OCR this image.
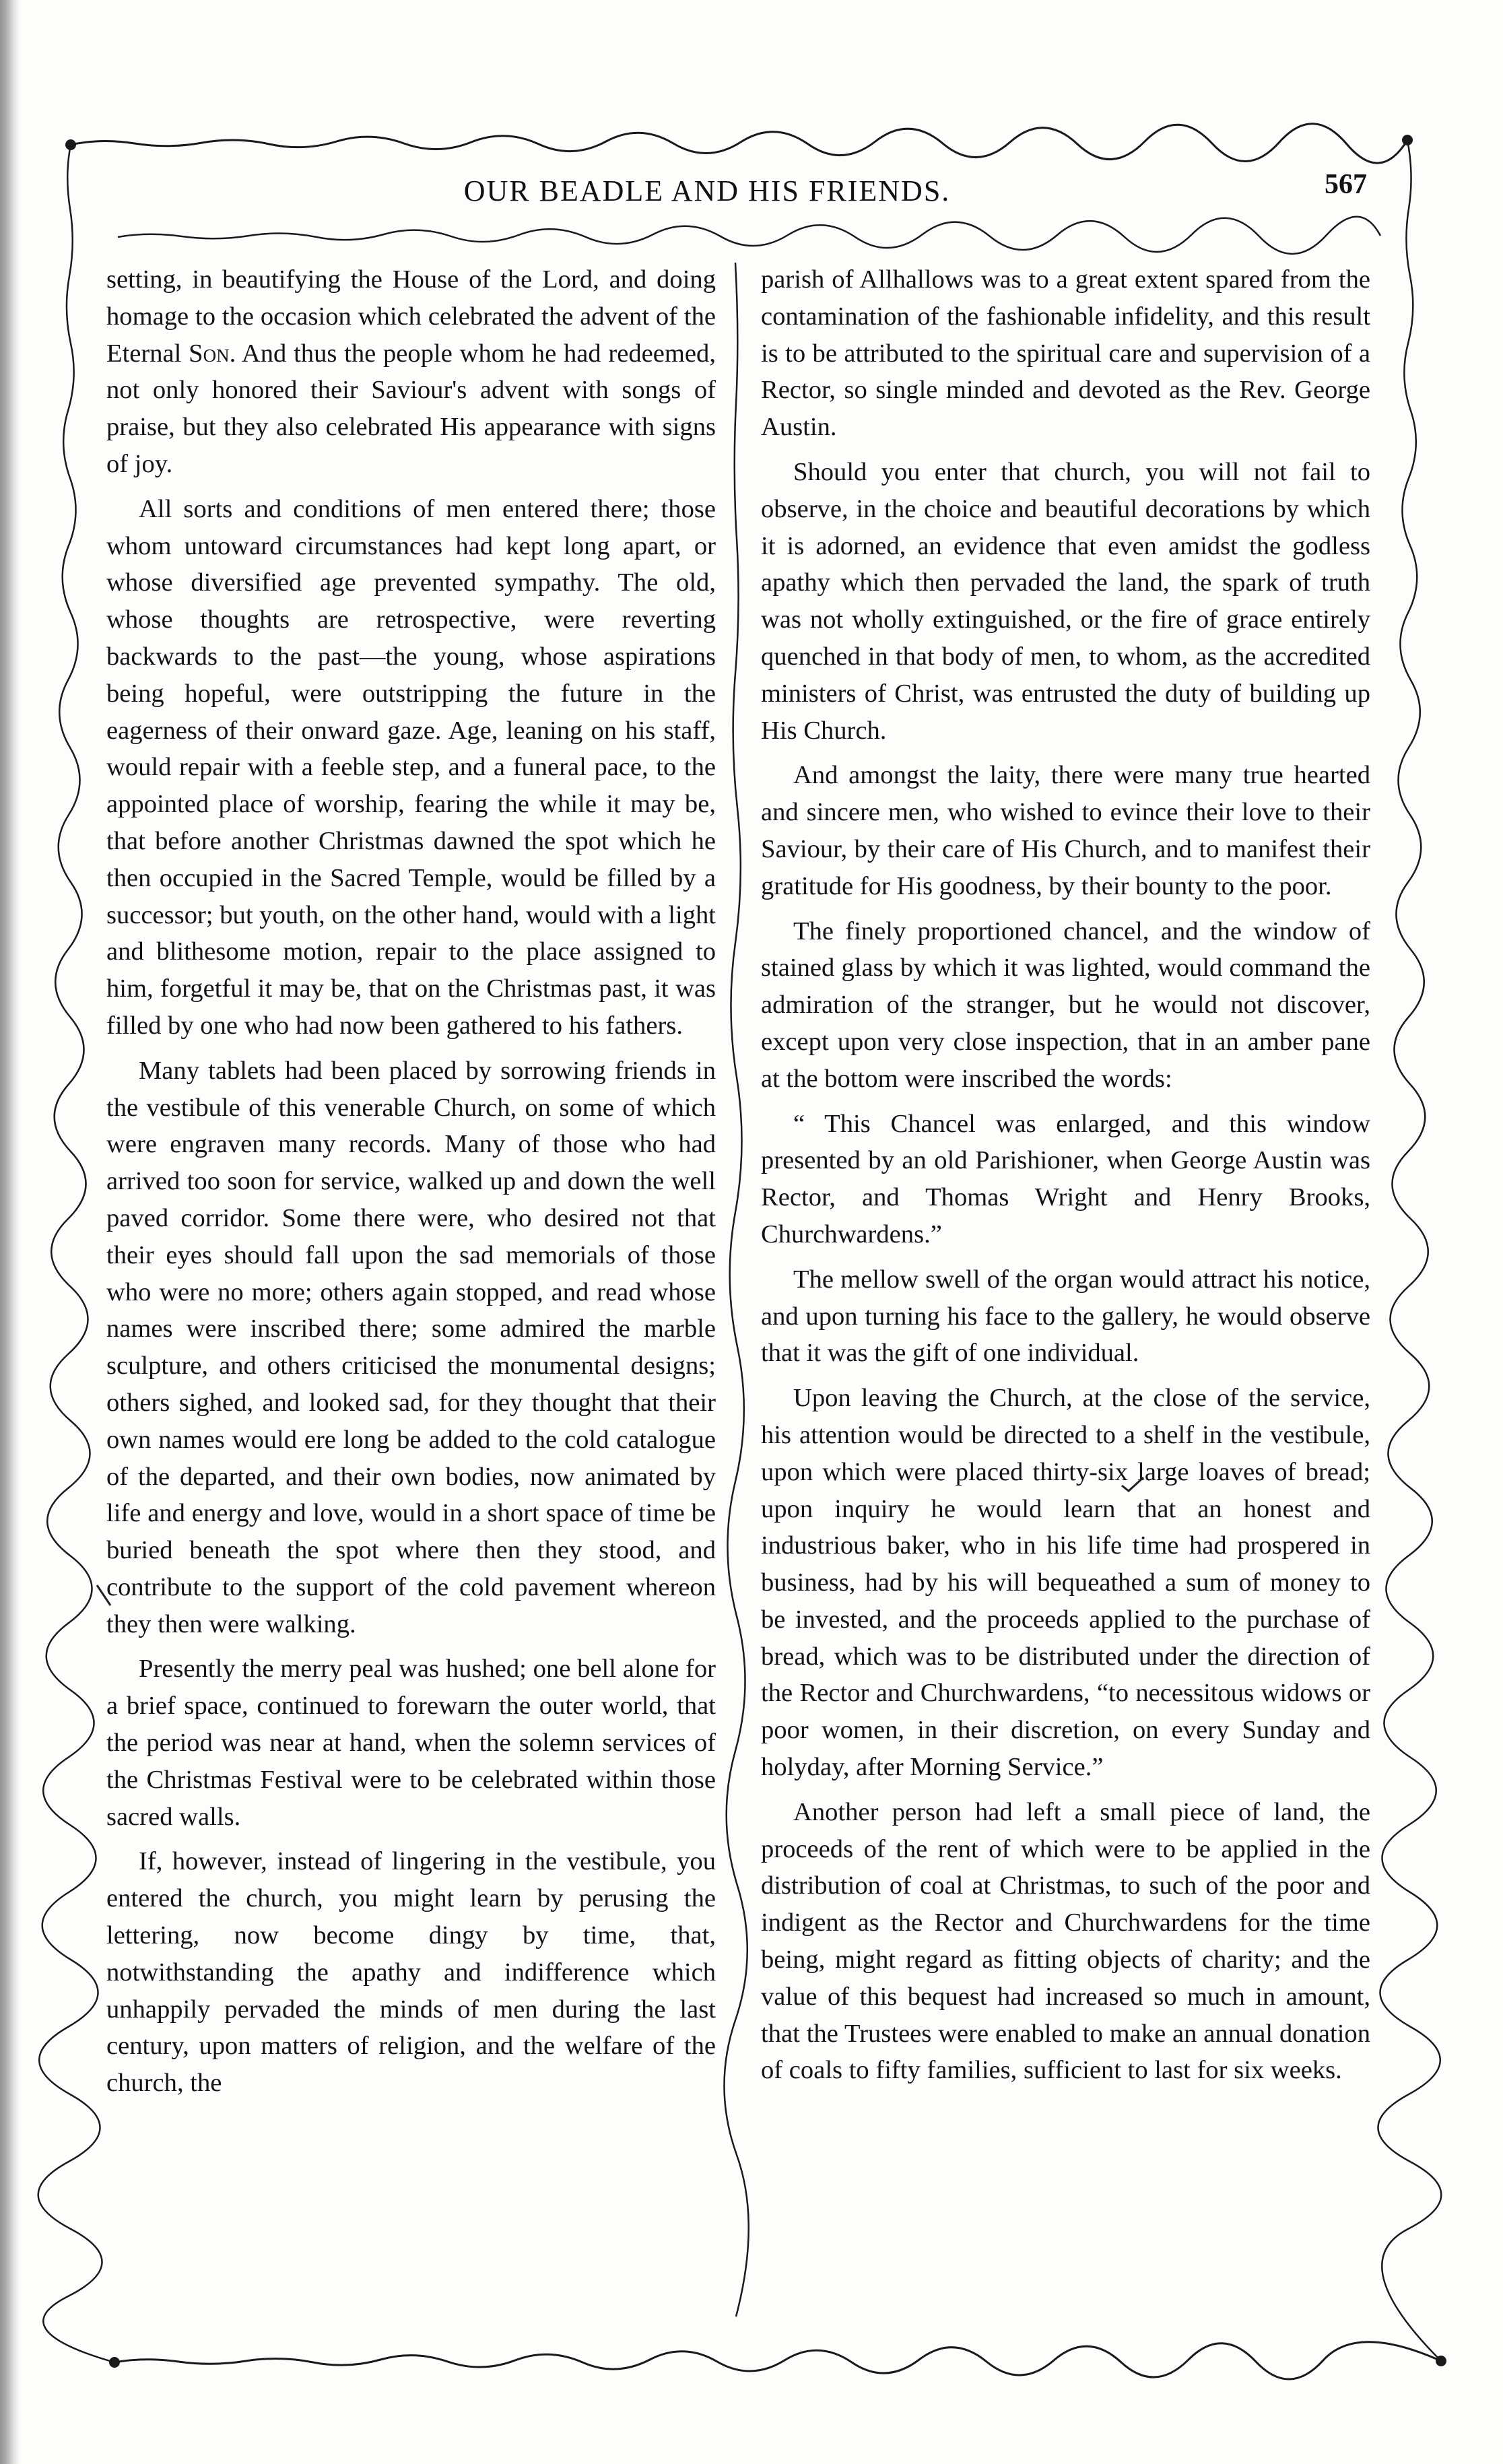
OUR BEADLE AND HIS FRIENDS.	567

setting, in beautifying the House of the Lord, and doing homage to the occasion which celebrated the advent of the Eternal Son. And thus the people whom he had redeemed, not only honored their Saviour's advent with songs of praise, but they also celebrated His appearance with signs of joy.

All sorts and conditions of men entered there; those whom untoward circumstances had kept long apart, or whose diversified age prevented sympathy. The old, whose thoughts are retrospective, were reverting backwards to the past—the young, whose aspirations being hopeful, were outstripping the future in the eagerness of their onward gaze. Age, leaning on his staff, would repair with a feeble step, and a funeral pace, to the appointed place of worship, fearing the while it may be, that before another Christmas dawned the spot which he then occupied in the Sacred Temple, would be filled by a successor; but youth, on the other hand, would with a light and blithesome motion, repair to the place assigned to him, forgetful it may be, that on the Christmas past, it was filled by one who had now been gathered to his fathers.

Many tablets had been placed by sorrowing friends in the vestibule of this venerable Church, on some of which were engraven many records. Many of those who had arrived too soon for service, walked up and down the well paved corridor. Some there were, who desired not that their eyes should fall upon the sad memorials of those who were no more; others again stopped, and read whose names were inscribed there; some admired the marble sculpture, and others criticised the monumental designs; others sighed, and looked sad, for they thought that their own names would ere long be added to the cold catalogue of the departed, and their own bodies, now animated by life and energy and love, would in a short space of time be buried beneath the spot where then they stood, and contribute to the support of the cold pavement whereon they then were walking.

Presently the merry peal was hushed; one bell alone for a brief space, continued to forewarn the outer world, that the period was near at hand, when the solemn services of the Christmas Festival were to be celebrated within those sacred walls.

If, however, instead of lingering in the vestibule, you entered the church, you might learn by perusing the lettering, now become dingy by time, that, notwithstanding the apathy and indifference which unhappily pervaded the minds of men during the last century, upon matters of religion, and the welfare of the church, the

parish of Allhallows was to a great extent spared from the contamination of the fashionable infidelity, and this result is to be attributed to the spiritual care and supervision of a Rector, so single minded and devoted as the Rev. George Austin.

Should you enter that church, you will not fail to observe, in the choice and beautiful decorations by which it is adorned, an evidence that even amidst the godless apathy which then pervaded the land, the spark of truth was not wholly extinguished, or the fire of grace entirely quenched in that body of men, to whom, as the accredited ministers of Christ, was entrusted the duty of building up His Church.

And amongst the laity, there were many true hearted and sincere men, who wished to evince their love to their Saviour, by their care of His Church, and to manifest their gratitude for His goodness, by their bounty to the poor.

The finely proportioned chancel, and the window of stained glass by which it was lighted, would command the admiration of the stranger, but he would not discover, except upon very close inspection, that in an amber pane at the bottom were inscribed the words:

“ This Chancel was enlarged, and this window presented by an old Parishioner, when George Austin was Rector, and Thomas Wright and Henry Brooks, Churchwardens.”

The mellow swell of the organ would attract his notice, and upon turning his face to the gallery, he would observe that it was the gift of one individual.

Upon leaving the Church, at the close of the service, his attention would be directed to a shelf in the vestibule, upon which were placed thirty-six large loaves of bread; upon inquiry he would learn that an honest and industrious baker, who in his life time had prospered in business, had by his will bequeathed a sum of money to be invested, and the proceeds applied to the purchase of bread, which was to be distributed under the direction of the Rector and Churchwardens, “to necessitous widows or poor women, in their discretion, on every Sunday and holyday, after Morning Service.”

Another person had left a small piece of land, the proceeds of the rent of which were to be applied in the distribution of coal at Christmas, to such of the poor and indigent as the Rector and Churchwardens for the time being, might regard as fitting objects of charity; and the value of this bequest had increased so much in amount, that the Trustees were enabled to make an annual donation of coals to fifty families, sufficient to last for six weeks.
